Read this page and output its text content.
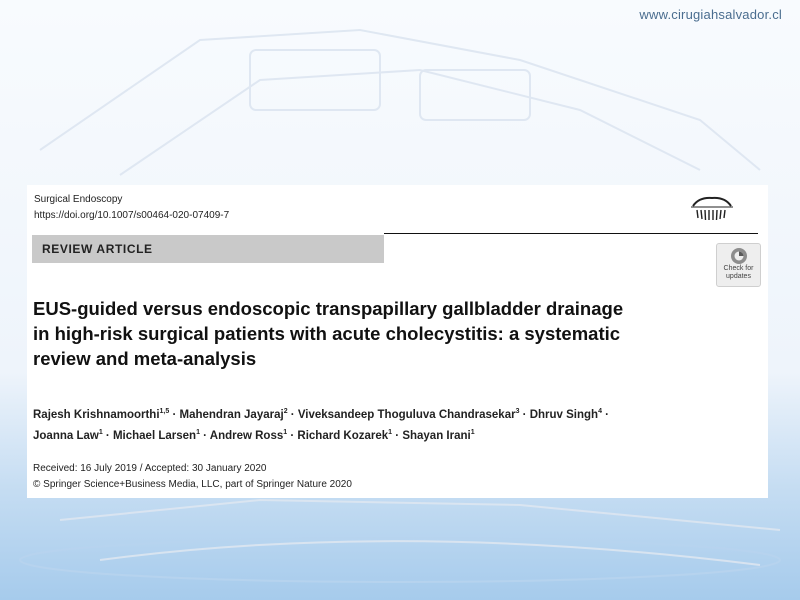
www.cirugiahsalvador.cl
Surgical Endoscopy
https://doi.org/10.1007/s00464-020-07409-7
REVIEW ARTICLE
Check for
updates
EUS-guided versus endoscopic transpapillary gallbladder drainage
in high-risk surgical patients with acute cholecystitis: a systematic
review and meta-analysis
Rajesh Krishnamoorthi$^{1,5}$ · Mahendran Jayaraj$^2$ · Viveksandeep Thoguluva Chandrasekar$^3$ · Dhruv Singh$^4$ ·
Joanna Law$^1$ · Michael Larsen$^1$ · Andrew Ross$^1$ · Richard Kozarek$^1$ · Shayan Irani$^1$
Received: 16 July 2019 / Accepted: 30 January 2020
© Springer Science+Business Media, LLC, part of Springer Nature 2020
